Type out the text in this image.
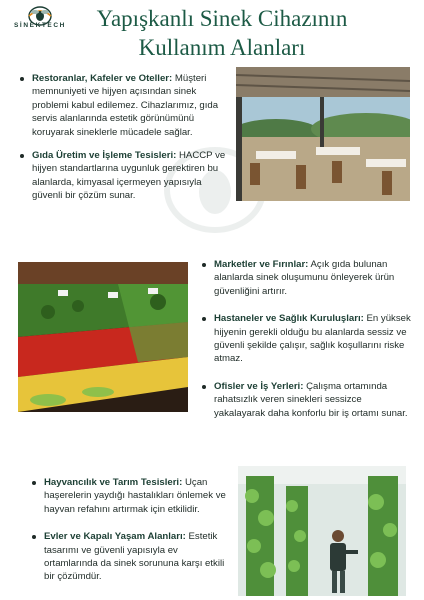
SİNEKTECH	Yapışkanlı Sinek Cihazının
Kullanım Alanları
Restoranlar, Kafeler ve Oteller: Müşteri memnuniyeti ve hijyen açısından sinek problemi kabul edilemez. Cihazlarımız, gıda servis alanlarında estetik görünümünü koruyarak sineklerle mücadele sağlar.
Gıda Üretim ve İşleme Tesisleri: HACCP ve hijyen standartlarına uygunluk gerektiren bu alanlarda, kimyasal içermeyen yapısıyla güvenli bir çözüm sunar.
Marketler ve Fırınlar: Açık gıda bulunan alanlarda sinek oluşumunu önleyerek ürün güvenliğini artırır.
Hastaneler ve Sağlık Kuruluşları: En yüksek hijyenin gerekli olduğu bu alanlarda sessiz ve güvenli şekilde çalışır, sağlık koşullarını riske atmaz.
Ofisler ve İş Yerleri: Çalışma ortamında rahatsızlık veren sinekleri sessizce yakalayarak daha konforlu bir iş ortamı sunar.
Hayvancılık ve Tarım Tesisleri: Uçan haşerelerin yaydığı hastalıkları önlemek ve hayvan refahını artırmak için etkilidir.
Evler ve Kapalı Yaşam Alanları: Estetik tasarımı ve güvenli yapısıyla ev ortamlarında da sinek sorununa karşı etkili bir çözümdür.
